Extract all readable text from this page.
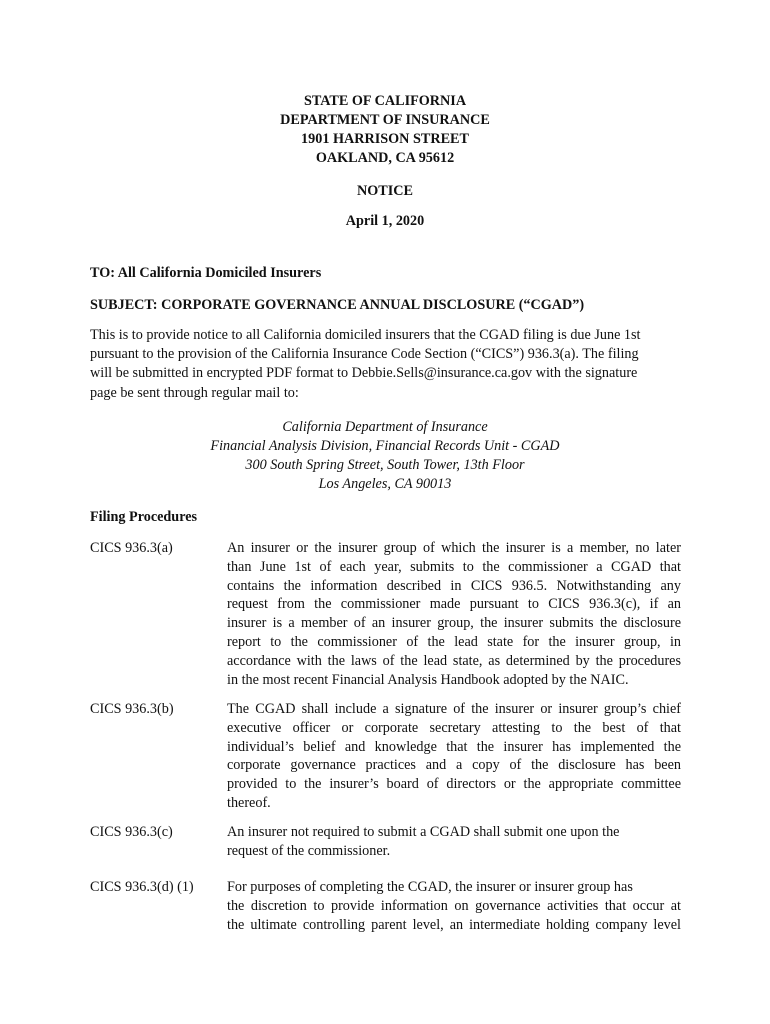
STATE OF CALIFORNIA
DEPARTMENT OF INSURANCE
1901 HARRISON STREET
OAKLAND, CA 95612
NOTICE
April 1, 2020
TO: All California Domiciled Insurers
SUBJECT: CORPORATE GOVERNANCE ANNUAL DISCLOSURE (“CGAD”)
This is to provide notice to all California domiciled insurers that the CGAD filing is due June 1st
pursuant to the provision of the California Insurance Code Section (“CICS”) 936.3(a). The filing
will be submitted in encrypted PDF format to Debbie.Sells@insurance.ca.gov with the signature
page be sent through regular mail to:
California Department of Insurance
Financial Analysis Division, Financial Records Unit - CGAD
300 South Spring Street, South Tower, 13th Floor
Los Angeles, CA 90013
Filing Procedures
CICS 936.3(a)	An insurer or the insurer group of which the insurer is a member, no later
than June 1st of each year, submits to the commissioner a CGAD that
contains the information described in CICS 936.5. Notwithstanding any
request from the commissioner made pursuant to CICS 936.3(c), if an
insurer is a member of an insurer group, the insurer submits the disclosure
report to the commissioner of the lead state for the insurer group, in
accordance with the laws of the lead state, as determined by the procedures
in the most recent Financial Analysis Handbook adopted by the NAIC.
CICS 936.3(b)	The CGAD shall include a signature of the insurer or insurer group’s chief
executive officer or corporate secretary attesting to the best of that
individual’s belief and knowledge that the insurer has implemented the
corporate governance practices and a copy of the disclosure has been
provided to the insurer’s board of directors or the appropriate committee
thereof.
CICS 936.3(c)	An insurer not required to submit a CGAD shall submit one upon the
request of the commissioner.
CICS 936.3(d) (1) For purposes of completing the CGAD, the insurer or insurer group has
the discretion to provide information on governance activities that occur at
the ultimate controlling parent level, an intermediate holding company level
